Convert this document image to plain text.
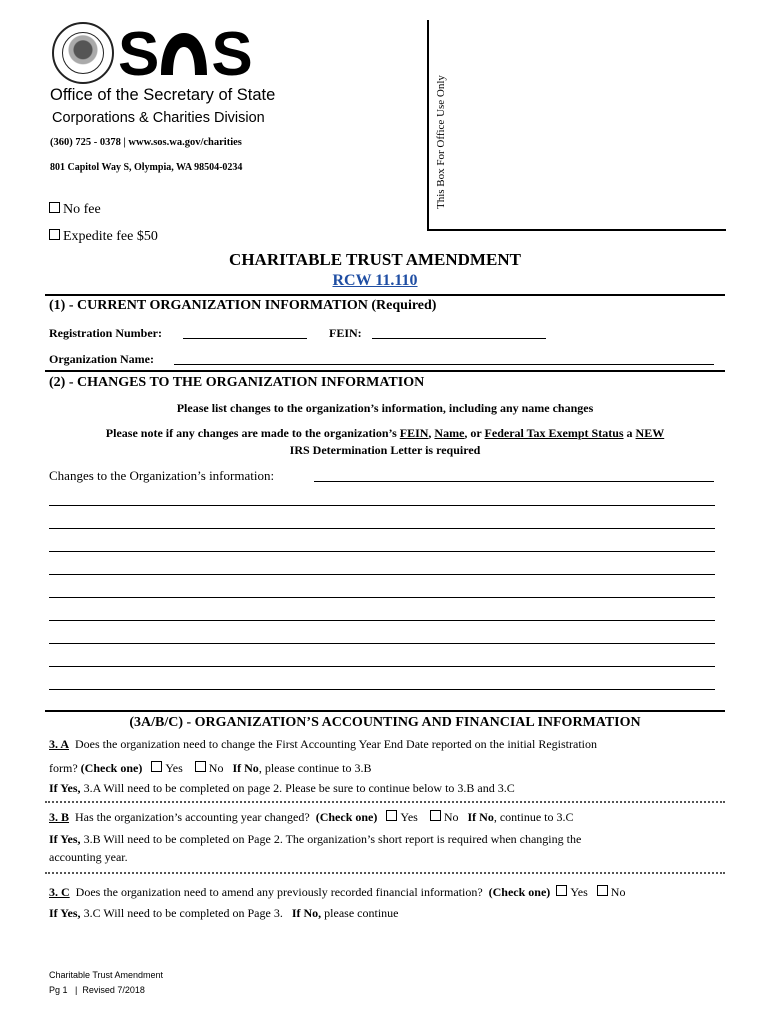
S S
Office of the Secretary of State
Corporations & Charities Division
(360) 725 - 0378 | www.sos.wa.gov/charities
801 Capitol Way S, Olympia, WA 98504-0234	This Box For Office Use Only
No fee
Expedite fee $50
CHARITABLE TRUST AMENDMENT
RCW 11.110
(1) - CURRENT ORGANIZATION INFORMATION (Required)
Registration Number:	FEIN:
Organization Name:
(2) - CHANGES TO THE ORGANIZATION INFORMATION
Please list changes to the organization’s information, including any name changes
Please note if any changes are made to the organization’s FEIN, Name, or Federal Tax Exempt Status a NEW
IRS Determination Letter is required
Changes to the Organization’s information:
(3A/B/C) - ORGANIZATION’S ACCOUNTING AND FINANCIAL INFORMATION
3. A Does the organization need to change the First Accounting Year End Date reported on the initial Registration
form? (Check one) Yes No If No, please continue to 3.B
If Yes, 3.A Will need to be completed on page 2. Please be sure to continue below to 3.B and 3.C
3. B Has the organization’s accounting year changed? (Check one) Yes No If No, continue to 3.C
If Yes, 3.B Will need to be completed on Page 2. The organization’s short report is required when changing the
accounting year.
3. C Does the organization need to amend any previously recorded financial information? (Check one) Yes No
If Yes, 3.C Will need to be completed on Page 3. If No, please continue
Charitable Trust Amendment
Pg 1   |  Revised 7/2018
